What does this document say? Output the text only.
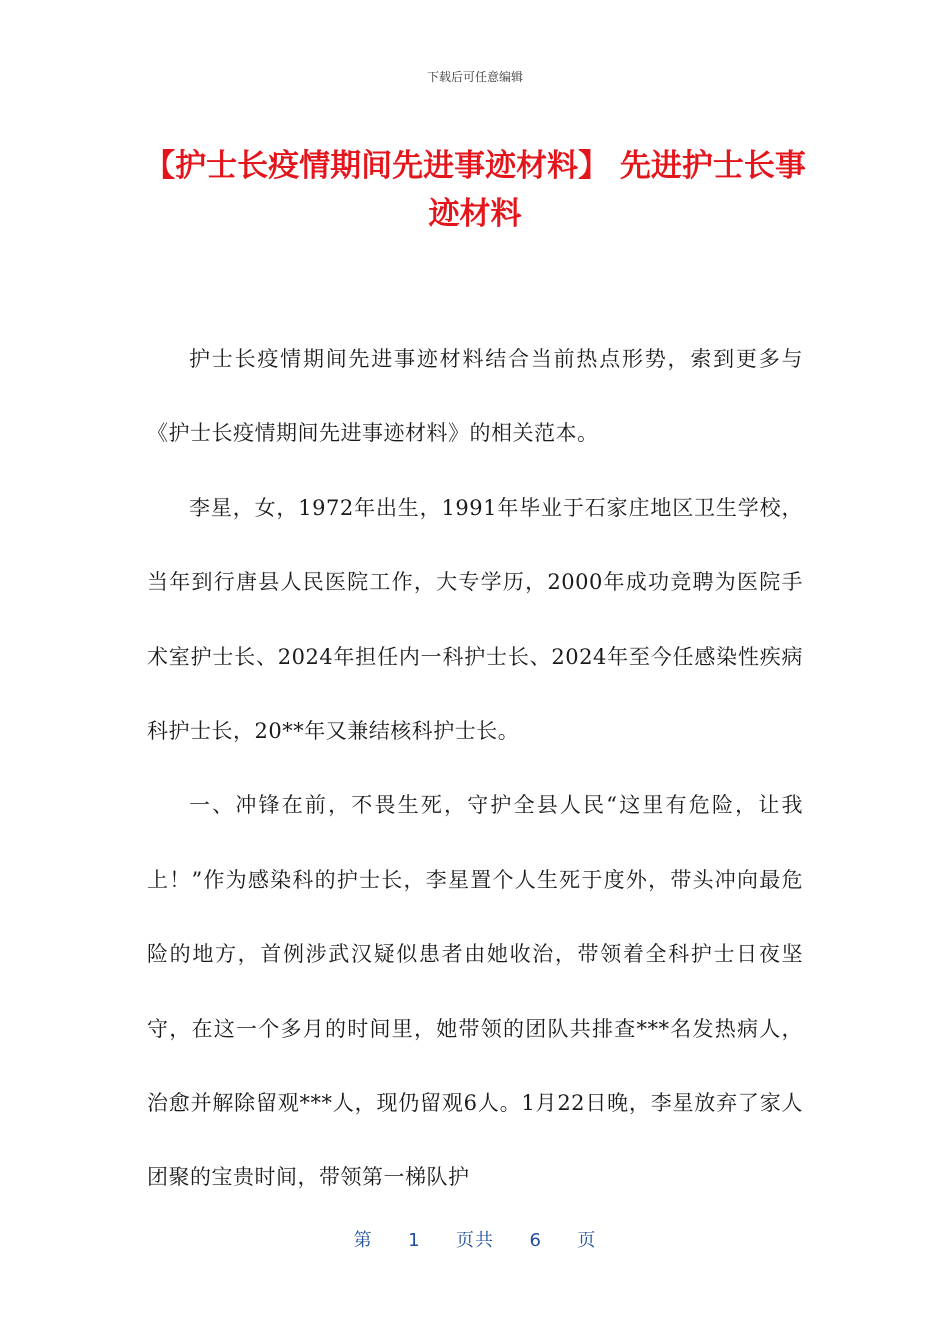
下载后可任意编辑
【护士长疫情期间先进事迹材料】 先进护士长事迹材料

护士长疫情期间先进事迹材料结合当前热点形势，索到更多与《护士长疫情期间先进事迹材料》的相关范本。

李星，女，1972年出生，1991年毕业于石家庄地区卫生学校，当年到行唐县人民医院工作，大专学历，2000年成功竞聘为医院手术室护士长、2024年担任内一科护士长、2024年至今任感染性疾病科护士长，20**年又兼结核科护士长。

一、冲锋在前，不畏生死，守护全县人民“这里有危险，让我上！”作为感染科的护士长，李星置个人生死于度外，带头冲向最危险的地方，首例涉武汉疑似患者由她收治，带领着全科护士日夜坚守，在这一个多月的时间里，她带领的团队共排查***名发热病人，治愈并解除留观***人，现仍留观6人。1月22日晚，李星放弃了家人团聚的宝贵时间，带领第一梯队护

第 1 页共 6 页
